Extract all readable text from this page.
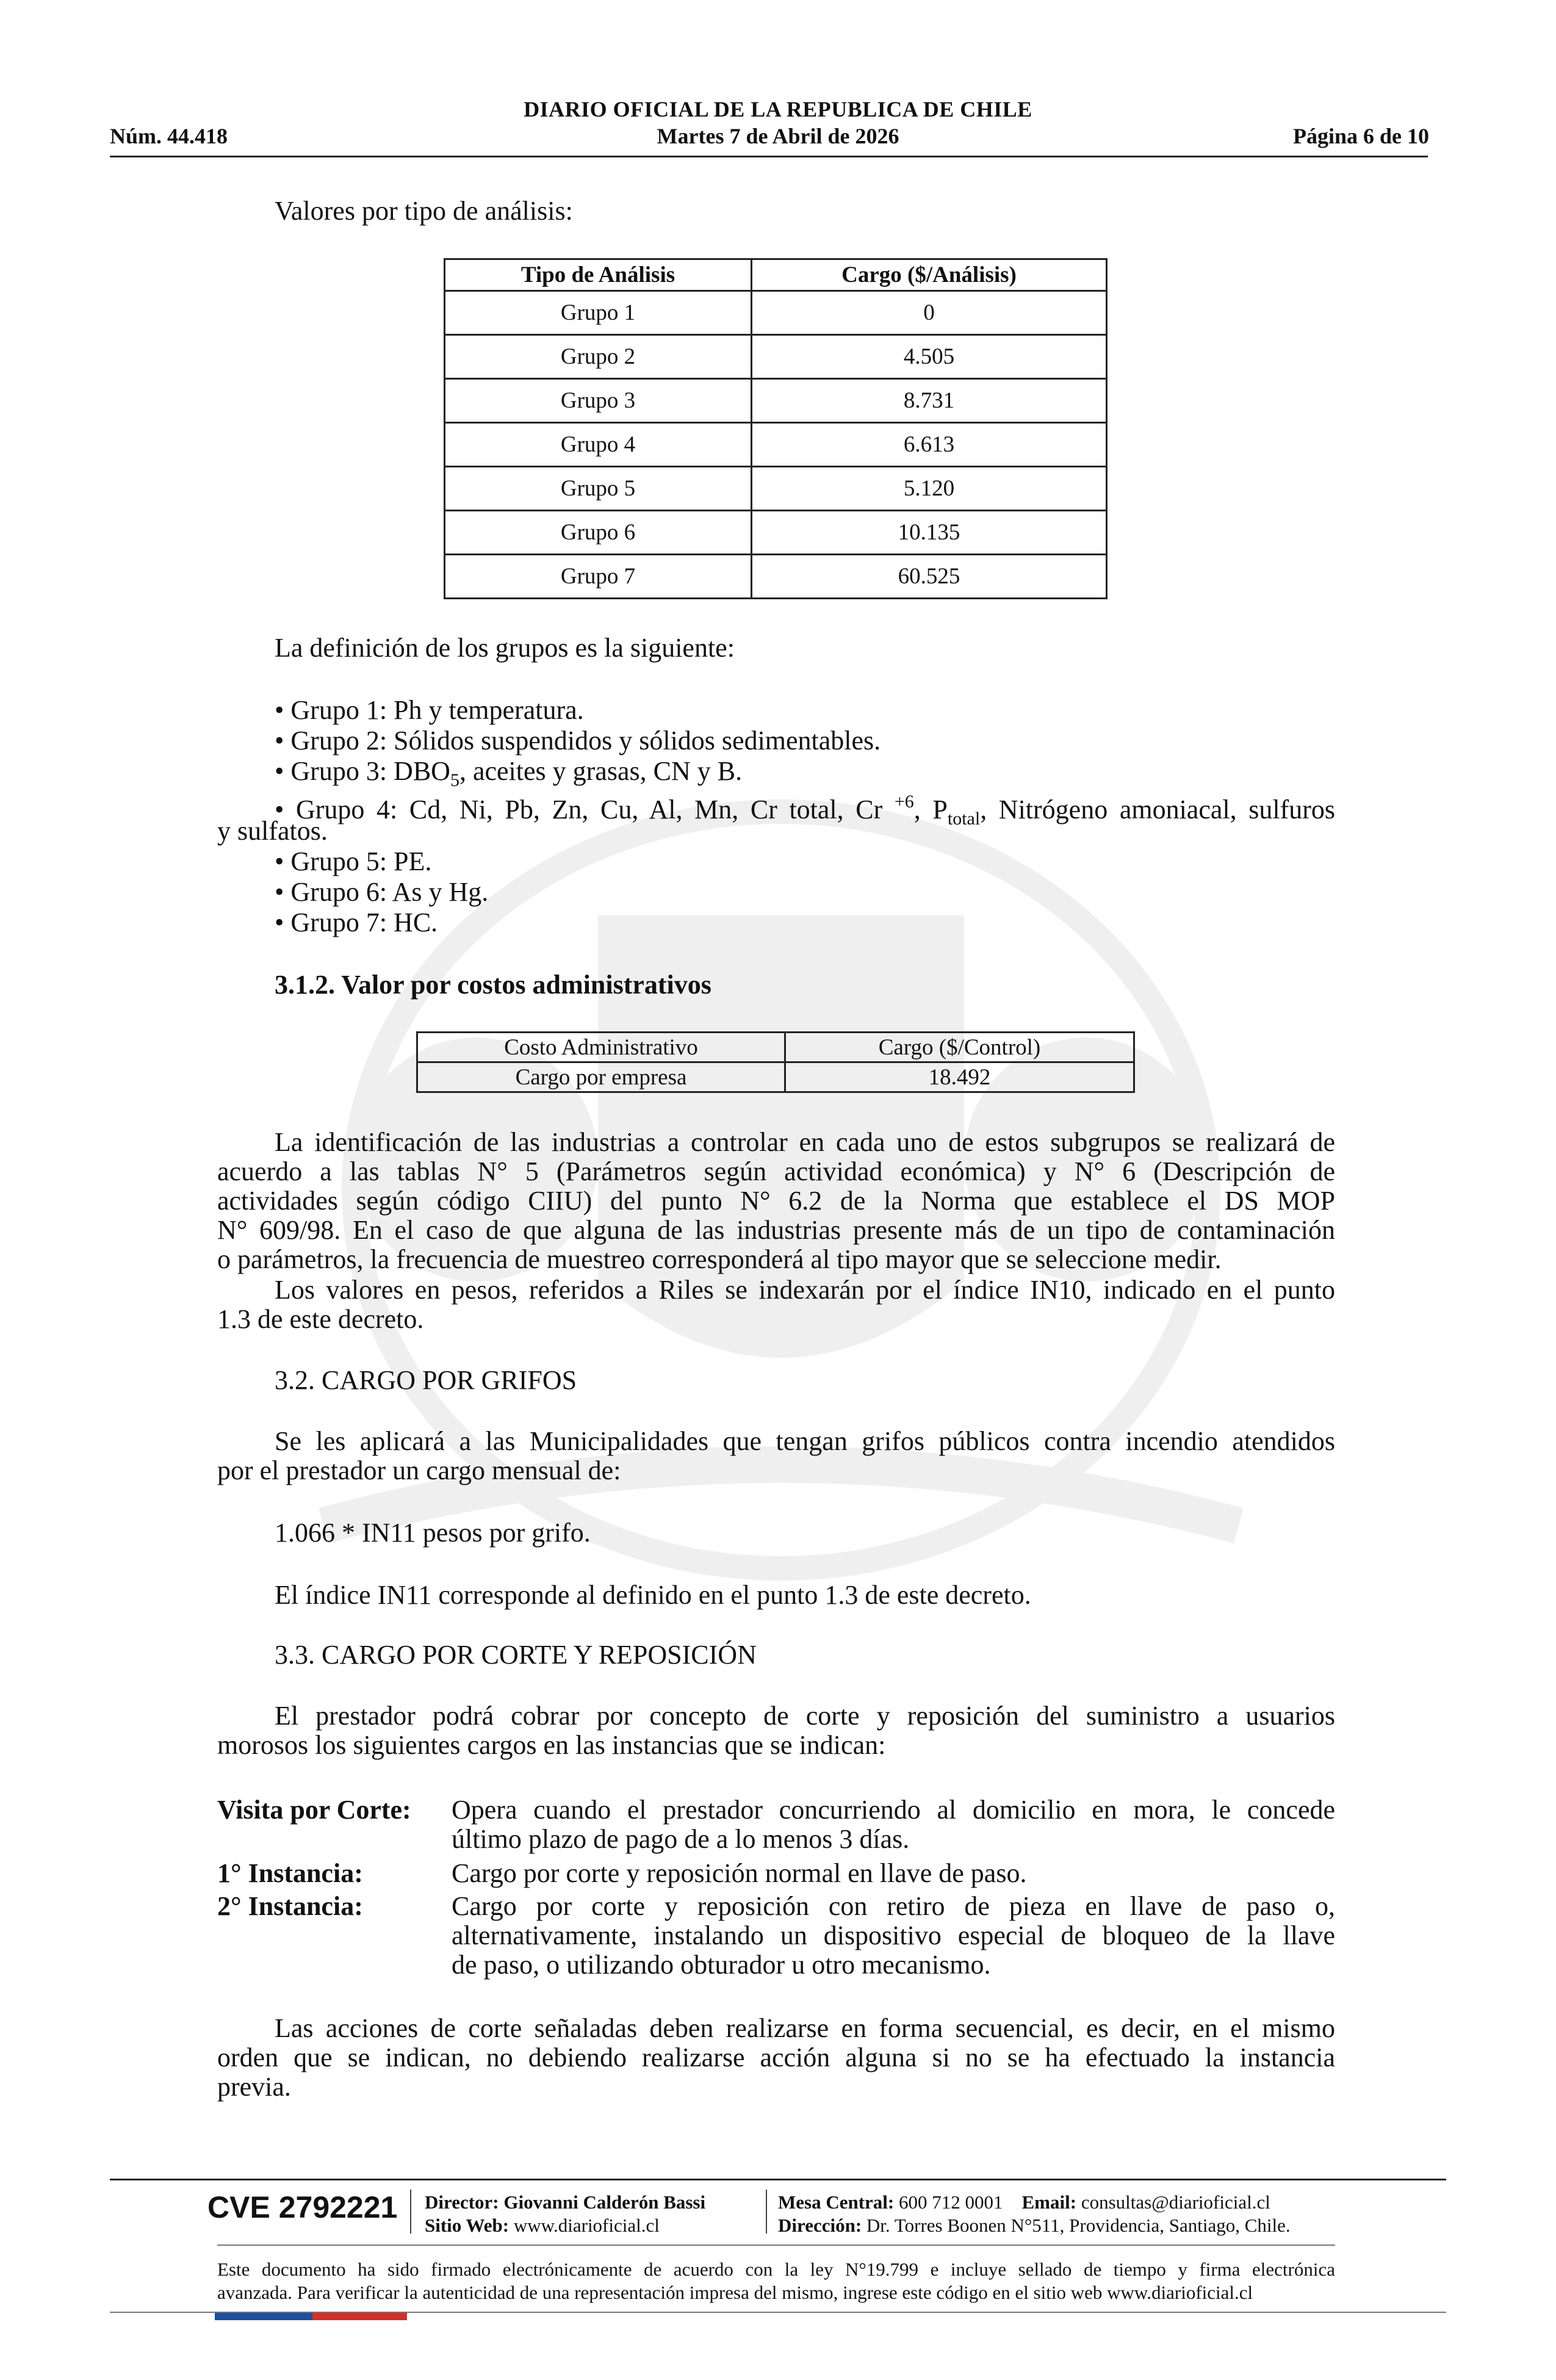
DIARIO OFICIAL DE LA REPUBLICA DE CHILE
Núm. 44.418	Martes 7 de Abril de 2026	Página 6 de 10
Valores por tipo de análisis:
Tipo de Análisis	Cargo ($/Análisis)
Grupo 1	0
Grupo 2	4.505
Grupo 3	8.731
Grupo 4	6.613
Grupo 5	5.120
Grupo 6	10.135
Grupo 7	60.525
La definición de los grupos es la siguiente:
• Grupo 1: Ph y temperatura.
• Grupo 2: Sólidos suspendidos y sólidos sedimentables.
• Grupo 3: $DBO_5$, aceites y grasas, CN y B.
• Grupo 4: Cd, Ni, Pb, Zn, Cu, Al, Mn, Cr total, Cr $^{+6}$, $P_{total}$, Nitrógeno amoniacal, sulfuros
y sulfatos.
• Grupo 5: PE.
• Grupo 6: As y Hg.
• Grupo 7: HC.
3.1.2. Valor por costos administrativos
Costo Administrativo	Cargo ($/Control)
Cargo por empresa	18.492
La identificación de las industrias a controlar en cada uno de estos subgrupos se realizará de
acuerdo a las tablas N° 5 (Parámetros según actividad económica) y N° 6 (Descripción de
actividades según código CIIU) del punto N° 6.2 de la Norma que establece el DS MOP
N° 609/98. En el caso de que alguna de las industrias presente más de un tipo de contaminación
o parámetros, la frecuencia de muestreo corresponderá al tipo mayor que se seleccione medir.
Los valores en pesos, referidos a Riles se indexarán por el índice IN10, indicado en el punto
1.3 de este decreto.
3.2. CARGO POR GRIFOS
Se les aplicará a las Municipalidades que tengan grifos públicos contra incendio atendidos
por el prestador un cargo mensual de:
1.066 * IN11 pesos por grifo.
El índice IN11 corresponde al definido en el punto 1.3 de este decreto.
3.3. CARGO POR CORTE Y REPOSICIÓN
El prestador podrá cobrar por concepto de corte y reposición del suministro a usuarios
morosos los siguientes cargos en las instancias que se indican:
Visita por Corte: Opera cuando el prestador concurriendo al domicilio en mora, le concede
último plazo de pago de a lo menos 3 días.
1° Instancia:	Cargo por corte y reposición normal en llave de paso.
2° Instancia:	Cargo por corte y reposición con retiro de pieza en llave de paso o,
alternativamente, instalando un dispositivo especial de bloqueo de la llave
de paso, o utilizando obturador u otro mecanismo.
Las acciones de corte señaladas deben realizarse en forma secuencial, es decir, en el mismo
orden que se indican, no debiendo realizarse acción alguna si no se ha efectuado la instancia
previa.
CVE 2792221 Director: Giovanni Calderón Bassi
Sitio Web: www.diarioficial.cl
Mesa Central: 600 712 0001 Email: consultas@diarioficial.cl
Dirección: Dr. Torres Boonen N°511, Providencia, Santiago, Chile.
Este documento ha sido firmado electrónicamente de acuerdo con la ley N°19.799 e incluye sellado de tiempo y firma electrónica
avanzada. Para verificar la autenticidad de una representación impresa del mismo, ingrese este código en el sitio web www.diarioficial.cl
